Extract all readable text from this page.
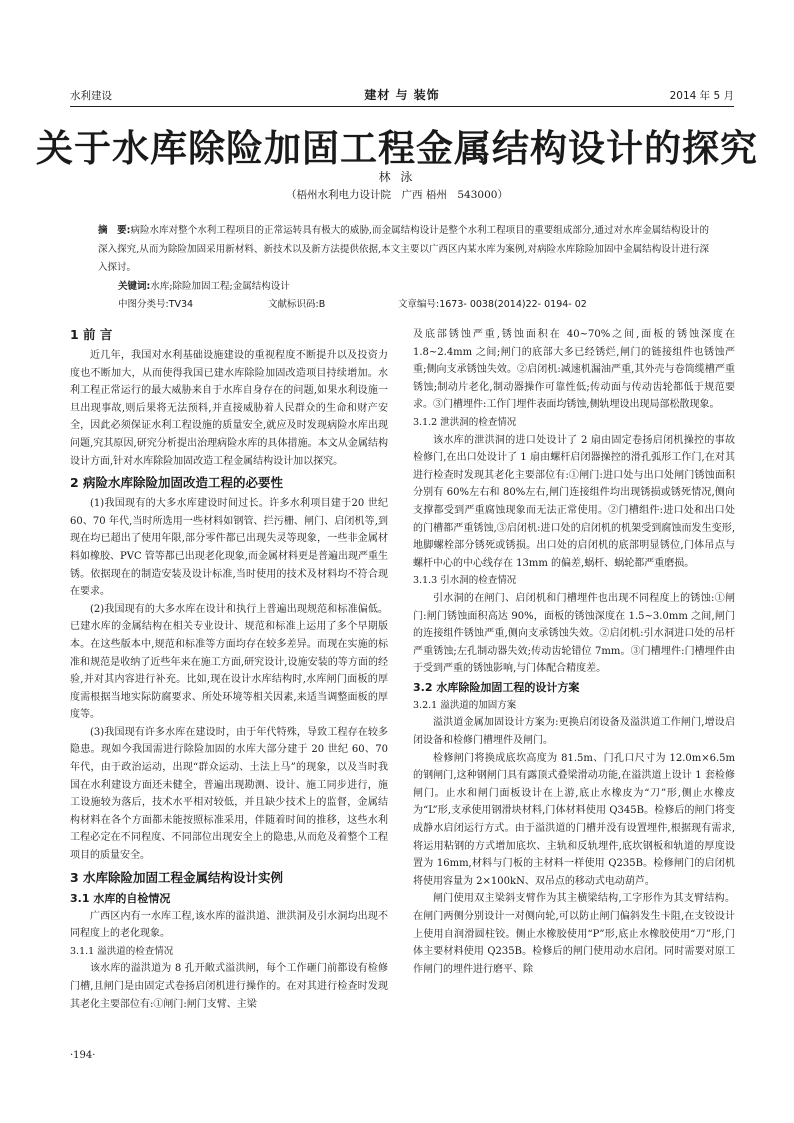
水利建设	建材 与 装饰	2014 年 5 月
关于水库除险加固工程金属结构设计的探究
林 泳
（梧州水利电力设计院　广西 梧州　543000）
摘　要:病险水库对整个水利工程项目的正常运转具有极大的威胁,而金属结构设计是整个水利工程项目的重要组成部分,通过对水库金属结构设计的深入探究,从而为除险加固采用新材料、新技术以及新方法提供依据,本文主要以广西区内某水库为案例,对病险水库除险加固中金属结构设计进行深入探讨。
关键词:水库;除险加固工程;金属结构设计
中图分类号:TV34	文献标识码:B	文章编号:1673- 0038(2014)22- 0194- 02
1 前 言

近几年，我国对水利基础设施建设的重视程度不断提升以及投资力度也不断加大，从而使得我国已建水库除险加固改造项目持续增加。水利工程正常运行的最大威胁来自于水库自身存在的问题,如果水利设施一旦出现事故,则后果将无法预料,并直接威胁着人民群众的生命和财产安全，因此必须保证水利工程设施的质量安全,就应及时发现病险水库出现问题,究其原因,研究分析提出治理病险水库的具体措施。本文从金属结构设计方面,针对水库除险加固改造工程金属结构设计加以探究。

2 病险水库除险加固改造工程的必要性

(1)我国现有的大多水库建设时间过长。许多水利项目建于20 世纪 60、70 年代,当时所选用一些材料如钢管、拦污栅、闸门、启闭机等,到现在均已超出了使用年限,部分零件都已出现失灵等现象，一些非金属材料如橡胶、PVC 管等都已出现老化现象,而金属材料更是普遍出现严重生锈。依据现在的制造安装及设计标准,当时使用的技术及材料均不符合现在要求。

(2)我国现有的大多水库在设计和执行上普遍出现规范和标准偏低。已建水库的金属结构在相关专业设计、规范和标准上运用了多个早期版本。在这些版本中,规范和标准等方面均存在较多差异。而现在实施的标准和规范是收纳了近些年来在施工方面,研究设计,设施安装的等方面的经验,并对其内容进行补充。比如,现在设计水库结构时,水库闸门面板的厚度需根据当地实际防腐要求、所处环境等相关因素,来适当调整面板的厚度等。

(3)我国现有许多水库在建设时，由于年代特殊，导致工程存在较多隐患。现如今我国需进行除险加固的水库大部分建于 20 世纪 60、70 年代，由于政治运动，出现“群众运动、土法上马”的现象，以及当时我国在水利建设方面还未健全，普遍出现勘测、设计、施工同步进行，施工设施较为落后，技术水平相对较低，并且缺少技术上的监督，金属结构材料在各个方面都未能按照标准采用，伴随着时间的推移，这些水利工程必定在不同程度、不同部位出现安全上的隐患,从而危及着整个工程项目的质量安全。

3 水库除险加固工程金属结构设计实例
3.1 水库的自检情况

广西区内有一水库工程,该水库的溢洪道、泄洪洞及引水洞均出现不同程度上的老化现象。

3.1.1 溢洪道的检查情况

该水库的溢洪道为 8 孔开敞式溢洪闸，每个工作砸门前都设有检修门槽,且闸门是由固定式卷扬启闭机进行操作的。在对其进行检查时发现其老化主要部位有:①闸门:闸门支臂、主梁

及底部锈蚀严重,锈蚀面积在 40~70%之间,面板的锈蚀深度在1.8~2.4mm 之间;闸门的底部大多已经锈烂,闸门的链接组件也锈蚀严重;侧向支承锈蚀失效。②启闭机:减速机漏油严重,其外壳与卷筒缆槽严重锈蚀;制动片老化,制动器操作可靠性低;传动面与传动齿轮都低于规范要求。③门槽埋件:工作门埋件表面均锈蚀,侧轨埋设出现局部松散现象。

3.1.2 泄洪洞的检查情况

该水库的泄洪洞的进口处设计了 2 扇由固定卷扬启闭机操控的事故检修门,在出口处设计了 1 扇由螺杆启闭器操控的滑孔弧形工作门,在对其进行检查时发现其老化主要部位有:①闸门:进口处与出口处闸门锈蚀面积分别有 60%左右和 80%左右,闸门连接组件均出现锈损或锈死情况,侧向支撑都受到严重腐蚀现象而无法正常使用。②门槽组件:进口处和出口处的门槽都严重锈蚀,③启闭机:进口处的启闭机的机架受到腐蚀而发生变形,地脚螺栓部分锈死或锈损。出口处的启闭机的底部明显锈位,门体吊点与螺杆中心的中心线存在 13mm 的偏差,蜗杆、蜗轮都严重磨损。

3.1.3 引水洞的检查情况

引水洞的在闸门、启闭机和门槽埋件也出现不同程度上的锈蚀:①闸门:闸门锈蚀面积高达 90%，面板的锈蚀深度在 1.5~3.0mm 之间,闸门的连接组件锈蚀严重,侧向支承锈蚀失效。②启闭机:引水洞进口处的吊杆严重锈蚀;左孔制动器失效;传动齿轮错位 7mm。③门槽埋件:门槽埋件由于受到严重的锈蚀影响,与门体配合精度差。

3.2 水库除险加固工程的设计方案
3.2.1 溢洪道的加固方案

溢洪道金属加固设计方案为:更换启闭设备及溢洪道工作闸门,增设启闭设备和检修门槽埋件及闸门。

检修闸门将换成底坎高度为 81.5m、门孔口尺寸为 12.0m×6.5m 的钢闸门,这种钢闸门具有露顶式叠梁滑动功能,在溢洪道上设计 1 套检修闸门。止水和闸门面板设计在上游,底止水橡皮为“刀”形,侧止水橡皮为“L”形,支承使用钢滑块材料,门体材料使用 Q345B。检修后的闸门将变成静水启闭运行方式。由于溢洪道的门槽并没有设置埋件,根据现有需求,将运用粘钢的方式增加底坎、主轨和反轨埋件,底坎钢板和轨道的厚度设置为 16mm,材料与门板的主材料一样使用 Q235B。检修闸门的启闭机将使用容量为 2×100kN、双吊点的移动式电动葫芦。

闸门使用双主梁斜支臂作为其主横梁结构,工字形作为其支臂结构。在闸门两侧分别设计一对侧向轮,可以防止闸门偏斜发生卡阻,在支铰设计上使用自润滑圆柱铰。侧止水橡胶使用“P”形,底止水橡胶使用“刀”形,门体主要材料使用 Q235B。检修后的闸门使用动水启闭。同时需要对原工作闸门的埋件进行磨平、除

·194·
